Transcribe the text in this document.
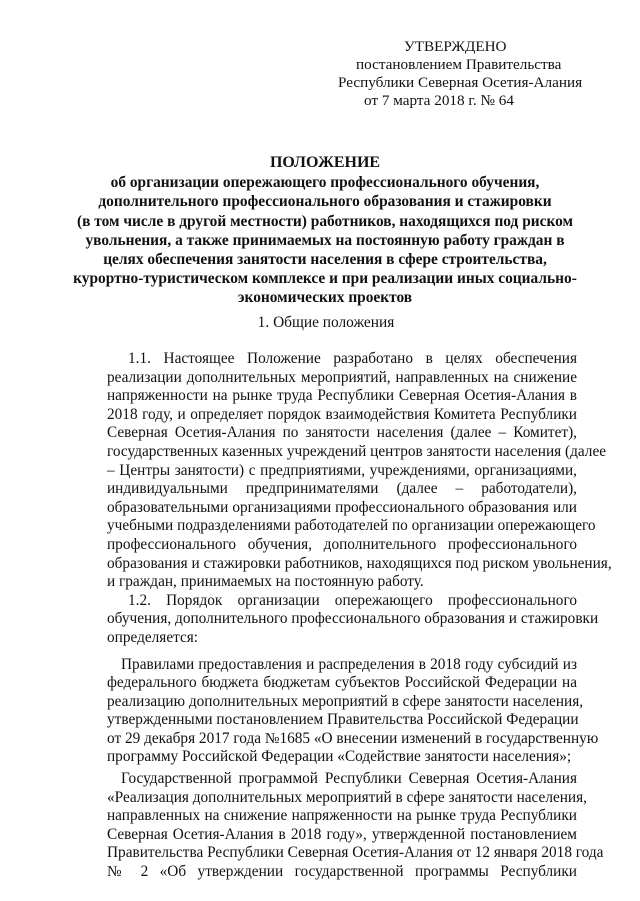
УТВЕРЖДЕНО
постановлением Правительства
Республики Северная Осетия-Алания
от 7 марта 2018 г. № 64
ПОЛОЖЕНИЕ
об организации опережающего профессионального обучения,
дополнительного профессионального образования и стажировки
(в том числе в другой местности) работников, находящихся под риском
увольнения, а также принимаемых на постоянную работу граждан в
целях обеспечения занятости населения в сфере строительства,
курортно-туристическом комплексе и при реализации иных социально-
экономических проектов
1. Общие положения
1.1. Настоящее Положение разработано в целях обеспечения
реализации дополнительных мероприятий, направленных на снижение
напряженности на рынке труда Республики Северная Осетия-Алания в
2018 году, и определяет порядок взаимодействия Комитета Республики
Северная Осетия-Алания по занятости населения (далее – Комитет),
государственных казенных учреждений центров занятости населения (далее
– Центры занятости) с предприятиями, учреждениями, организациями,
индивидуальными предпринимателями (далее – работодатели),
образовательными организациями профессионального образования или
учебными подразделениями работодателей по организации опережающего
профессионального обучения, дополнительного профессионального
образования и стажировки работников, находящихся под риском увольнения,
и граждан, принимаемых на постоянную работу.
1.2. Порядок организации опережающего профессионального
обучения, дополнительного профессионального образования и стажировки
определяется:
Правилами предоставления и распределения в 2018 году субсидий из
федерального бюджета бюджетам субъектов Российской Федерации на
реализацию дополнительных мероприятий в сфере занятости населения,
утвержденными постановлением Правительства Российской Федерации
от 29 декабря 2017 года №1685 «О внесении изменений в государственную
программу Российской Федерации «Содействие занятости населения»;
Государственной программой Республики Северная Осетия-Алания
«Реализация дополнительных мероприятий в сфере занятости населения,
направленных на снижение напряженности на рынке труда Республики
Северная Осетия-Алания в 2018 году», утвержденной постановлением
Правительства Республики Северная Осетия-Алания от 12 января 2018 года
№ 2 «Об утверждении государственной программы Республики
